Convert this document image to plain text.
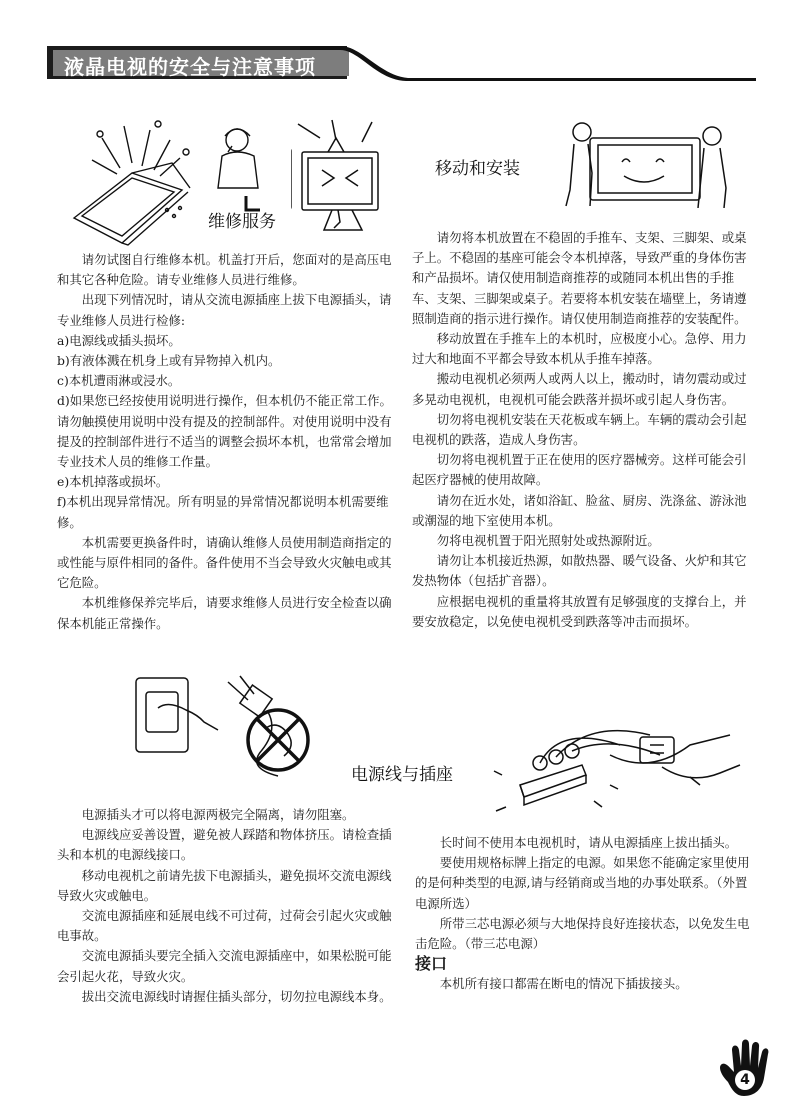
液晶电视的安全与注意事项
维修服务
移动和安装

请勿试图自行维修本机。机盖打开后，您面对的是高压电和其它各种危险。请专业维修人员进行维修。

出现下列情况时，请从交流电源插座上拔下电源插头，请专业维修人员进行检修:

a)电源线或插头损坏。

b)有液体溅在机身上或有异物掉入机内。

c)本机遭雨淋或浸水。

d)如果您已经按使用说明进行操作，但本机仍不能正常工作。请勿触摸使用说明中没有提及的控制部件。对使用说明中没有提及的控制部件进行不适当的调整会损坏本机，也常常会增加专业技术人员的维修工作量。

e)本机掉落或损坏。

f)本机出现异常情况。所有明显的异常情况都说明本机需要维修。

本机需要更换备件时，请确认维修人员使用制造商指定的或性能与原件相同的备件。备件使用不当会导致火灾触电或其它危险。

本机维修保养完毕后，请要求维修人员进行安全检查以确保本机能正常操作。

请勿将本机放置在不稳固的手推车、支架、三脚架、或桌子上。不稳固的基座可能会令本机掉落，导致严重的身体伤害和产品损坏。请仅使用制造商推荐的或随同本机出售的手推车、支架、三脚架或桌子。若要将本机安装在墙壁上，务请遵照制造商的指示进行操作。请仅使用制造商推荐的安装配件。

移动放置在手推车上的本机时，应极度小心。急停、用力过大和地面不平都会导致本机从手推车掉落。

搬动电视机必须两人或两人以上，搬动时，请勿震动或过多晃动电视机，电视机可能会跌落并损坏或引起人身伤害。

切勿将电视机安装在天花板或车辆上。车辆的震动会引起电视机的跌落，造成人身伤害。

切勿将电视机置于正在使用的医疗器械旁。这样可能会引起医疗器械的使用故障。

请勿在近水处，诸如浴缸、脸盆、厨房、洗涤盆、游泳池或潮湿的地下室使用本机。

勿将电视机置于阳光照射处或热源附近。

请勿让本机接近热源，如散热器、暖气设备、火炉和其它发热物体（包括扩音器）。

应根据电视机的重量将其放置有足够强度的支撑台上，并要安放稳定，以免使电视机受到跌落等冲击而损坏。

电源线与插座

电源插头才可以将电源两极完全隔离，请勿阻塞。

电源线应妥善设置，避免被人踩踏和物体挤压。请检查插头和本机的电源线接口。

移动电视机之前请先拔下电源插头，避免损坏交流电源线导致火灾或触电。

交流电源插座和延展电线不可过荷，过荷会引起火灾或触电事故。

交流电源插头要完全插入交流电源插座中，如果松脱可能会引起火花，导致火灾。

拔出交流电源线时请握住插头部分，切勿拉电源线本身。

长时间不使用本电视机时，请从电源插座上拔出插头。

要使用规格标牌上指定的电源。如果您不能确定家里使用的是何种类型的电源,请与经销商或当地的办事处联系。（外置电源所选）

所带三芯电源必须与大地保持良好连接状态，以免发生电击危险。（带三芯电源）

接口

本机所有接口都需在断电的情况下插拔接头。

4
